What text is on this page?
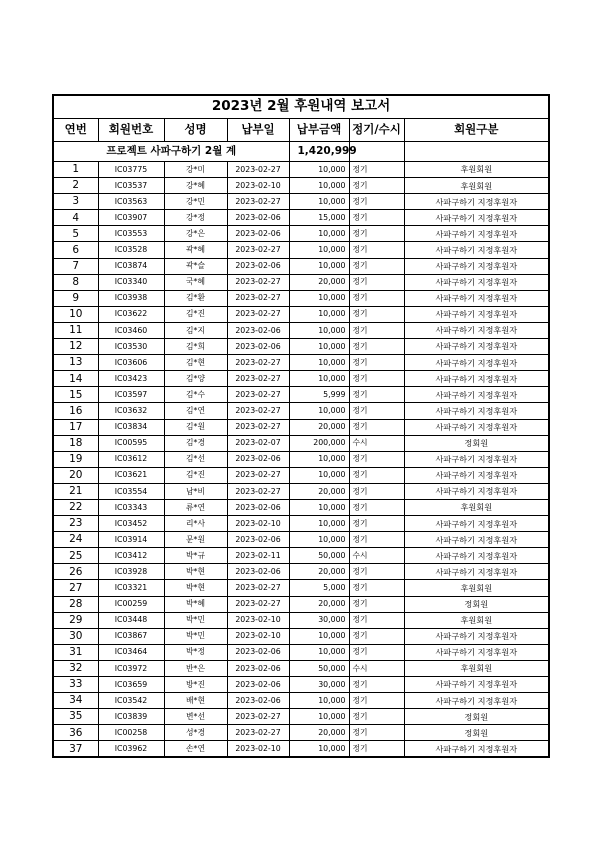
2023년 2월 후원내역 보고서						
연번	회원번호	성명	납부일	납부금액	정기/수시	회원구분
프로젝트 사파구하기 2월 계				1,420,999		
1	IC03775	강*미	2023-02-27	10,000	정기	후원회원
2	IC03537	강*혜	2023-02-10	10,000	정기	후원회원
3	IC03563	강*민	2023-02-27	10,000	정기	사파구하기 지정후원자
4	IC03907	강*정	2023-02-06	15,000	정기	사파구하기 지정후원자
5	IC03553	강*은	2023-02-06	10,000	정기	사파구하기 지정후원자
6	IC03528	곽*혜	2023-02-27	10,000	정기	사파구하기 지정후원자
7	IC03874	곽*슬	2023-02-06	10,000	정기	사파구하기 지정후원자
8	IC03340	국*혜	2023-02-27	20,000	정기	사파구하기 지정후원자
9	IC03938	김*환	2023-02-27	10,000	정기	사파구하기 지정후원자
10	IC03622	김*진	2023-02-27	10,000	정기	사파구하기 지정후원자
11	IC03460	김*지	2023-02-06	10,000	정기	사파구하기 지정후원자
12	IC03530	김*희	2023-02-06	10,000	정기	사파구하기 지정후원자
13	IC03606	김*현	2023-02-27	10,000	정기	사파구하기 지정후원자
14	IC03423	김*양	2023-02-27	10,000	정기	사파구하기 지정후원자
15	IC03597	김*수	2023-02-27	5,999	정기	사파구하기 지정후원자
16	IC03632	김*연	2023-02-27	10,000	정기	사파구하기 지정후원자
17	IC03834	김*원	2023-02-27	20,000	정기	사파구하기 지정후원자
18	IC00595	김*경	2023-02-07	200,000	수시	정회원
19	IC03612	김*선	2023-02-06	10,000	정기	사파구하기 지정후원자
20	IC03621	김*진	2023-02-27	10,000	정기	사파구하기 지정후원자
21	IC03554	남*비	2023-02-27	20,000	정기	사파구하기 지정후원자
22	IC03343	류*연	2023-02-06	10,000	정기	후원회원
23	IC03452	리*사	2023-02-10	10,000	정기	사파구하기 지정후원자
24	IC03914	문*원	2023-02-06	10,000	정기	사파구하기 지정후원자
25	IC03412	박*규	2023-02-11	50,000	수시	사파구하기 지정후원자
26	IC03928	박*현	2023-02-06	20,000	정기	사파구하기 지정후원자
27	IC03321	박*현	2023-02-27	5,000	정기	후원회원
28	IC00259	박*혜	2023-02-27	20,000	정기	정회원
29	IC03448	박*민	2023-02-10	30,000	정기	후원회원
30	IC03867	박*민	2023-02-10	10,000	정기	사파구하기 지정후원자
31	IC03464	박*정	2023-02-06	10,000	정기	사파구하기 지정후원자
32	IC03972	반*은	2023-02-06	50,000	수시	후원회원
33	IC03659	방*진	2023-02-06	30,000	정기	사파구하기 지정후원자
34	IC03542	배*현	2023-02-06	10,000	정기	사파구하기 지정후원자
35	IC03839	변*선	2023-02-27	10,000	정기	정회원
36	IC00258	성*경	2023-02-27	20,000	정기	정회원
37	IC03962	손*연	2023-02-10	10,000	정기	사파구하기 지정후원자
